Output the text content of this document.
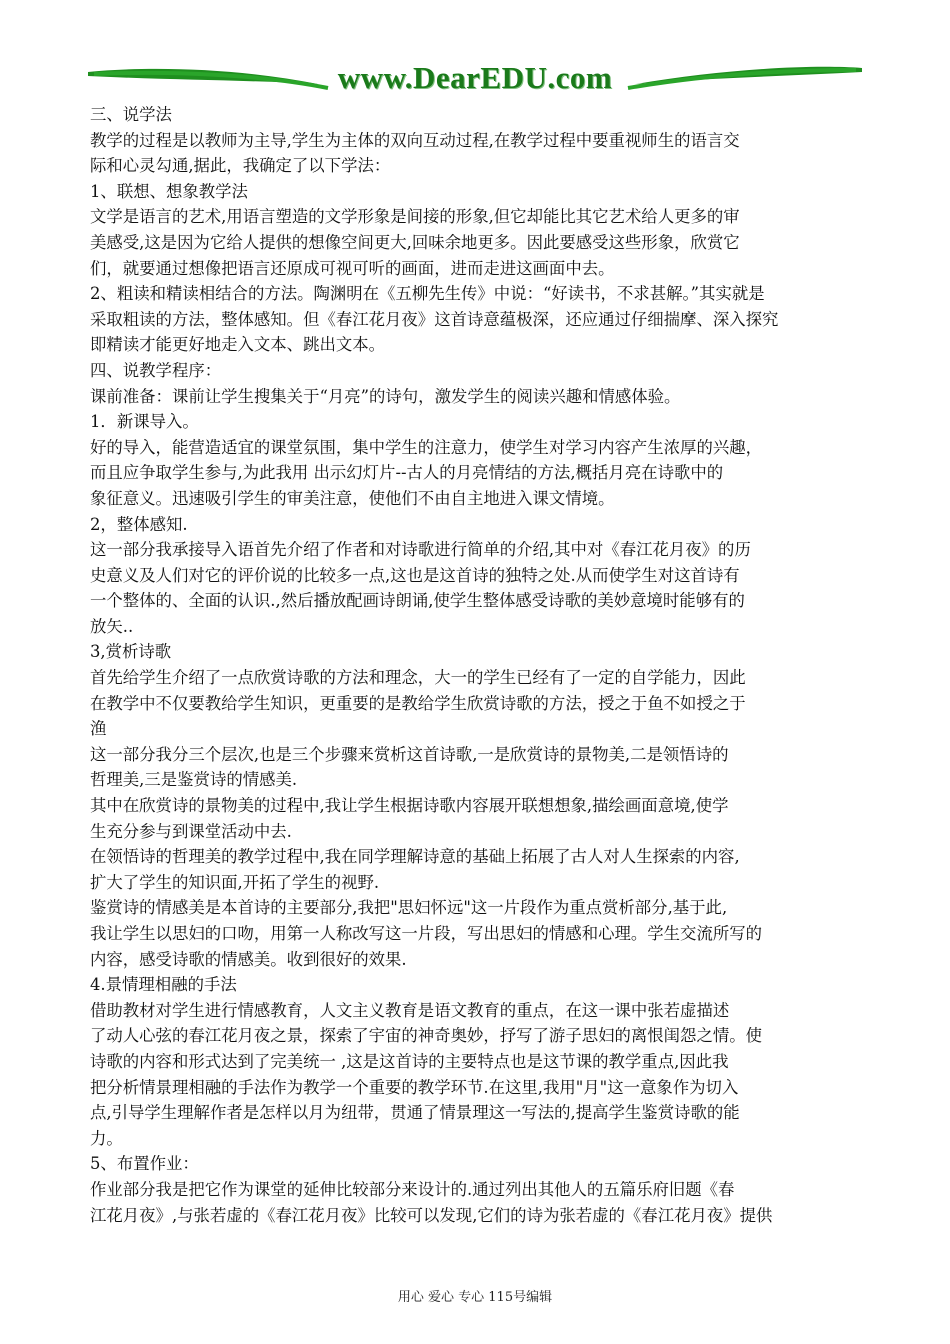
www.DearEDU.com
三、说学法
教学的过程是以教师为主导,学生为主体的双向互动过程,在教学过程中要重视师生的语言交
际和心灵勾通,据此，我确定了以下学法：
1、联想、想象教学法
文学是语言的艺术,用语言塑造的文学形象是间接的形象,但它却能比其它艺术给人更多的审
美感受,这是因为它给人提供的想像空间更大,回味余地更多。因此要感受这些形象，欣赏它
们，就要通过想像把语言还原成可视可听的画面，进而走进这画面中去。
2、粗读和精读相结合的方法。陶渊明在《五柳先生传》中说：“好读书，不求甚解。”其实就是
采取粗读的方法，整体感知。但《春江花月夜》这首诗意蕴极深，还应通过仔细揣摩、深入探究
即精读才能更好地走入文本、跳出文本。
四、说教学程序：
课前准备：课前让学生搜集关于“月亮”的诗句，激发学生的阅读兴趣和情感体验。
1．新课导入。
好的导入，能营造适宜的课堂氛围，集中学生的注意力，使学生对学习内容产生浓厚的兴趣，
而且应争取学生参与,为此我用 出示幻灯片--古人的月亮情结的方法,概括月亮在诗歌中的
象征意义。迅速吸引学生的审美注意，使他们不由自主地进入课文情境。
2，整体感知.
这一部分我承接导入语首先介绍了作者和对诗歌进行简单的介绍,其中对《春江花月夜》的历
史意义及人们对它的评价说的比较多一点,这也是这首诗的独特之处.从而使学生对这首诗有
一个整体的、全面的认识.,然后播放配画诗朗诵,使学生整体感受诗歌的美妙意境时能够有的
放矢..
3,赏析诗歌
首先给学生介绍了一点欣赏诗歌的方法和理念，大一的学生已经有了一定的自学能力，因此
在教学中不仅要教给学生知识，更重要的是教给学生欣赏诗歌的方法，授之于鱼不如授之于
渔
这一部分我分三个层次,也是三个步骤来赏析这首诗歌,一是欣赏诗的景物美,二是领悟诗的
哲理美,三是鉴赏诗的情感美.
其中在欣赏诗的景物美的过程中,我让学生根据诗歌内容展开联想想象,描绘画面意境,使学
生充分参与到课堂活动中去.
在领悟诗的哲理美的教学过程中,我在同学理解诗意的基础上拓展了古人对人生探索的内容,
扩大了学生的知识面,开拓了学生的视野.
鉴赏诗的情感美是本首诗的主要部分,我把"思妇怀远"这一片段作为重点赏析部分,基于此,
我让学生以思妇的口吻，用第一人称改写这一片段，写出思妇的情感和心理。学生交流所写的
内容，感受诗歌的情感美。收到很好的效果.
4.景情理相融的手法
借助教材对学生进行情感教育，人文主义教育是语文教育的重点，在这一课中张若虚描述
了动人心弦的春江花月夜之景，探索了宇宙的神奇奥妙，抒写了游子思妇的离恨闺怨之情。使
诗歌的内容和形式达到了完美统一 ,这是这首诗的主要特点也是这节课的教学重点,因此我
把分析情景理相融的手法作为教学一个重要的教学环节.在这里,我用"月"这一意象作为切入
点,引导学生理解作者是怎样以月为纽带，贯通了情景理这一写法的,提高学生鉴赏诗歌的能
力。
5、布置作业：
作业部分我是把它作为课堂的延伸比较部分来设计的.通过列出其他人的五篇乐府旧题《春
江花月夜》,与张若虚的《春江花月夜》比较可以发现,它们的诗为张若虚的《春江花月夜》提供
用心 爱心 专心 115号编辑
